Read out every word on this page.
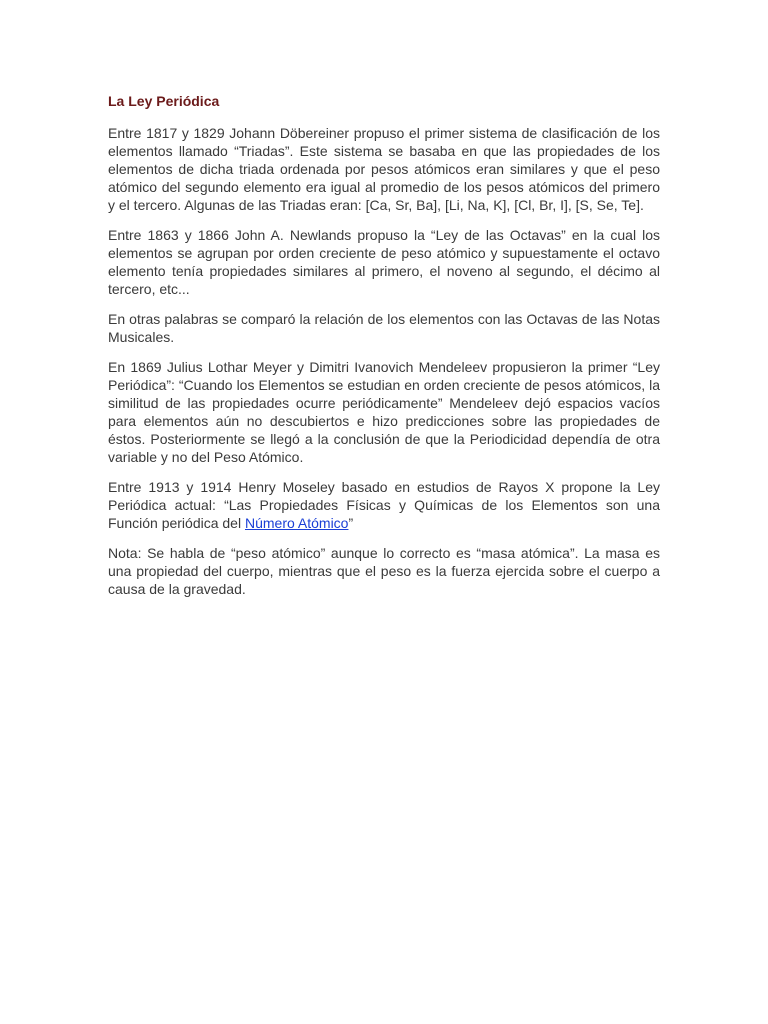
La Ley Periódica

Entre 1817 y 1829 Johann Döbereiner propuso el primer sistema de clasificación de los elementos llamado “Triadas”. Este sistema se basaba en que las propiedades de los elementos de dicha triada ordenada por pesos atómicos eran similares y que el peso atómico del segundo elemento era igual al promedio de los pesos atómicos del primero y el tercero. Algunas de las Triadas eran: [Ca, Sr, Ba], [Li, Na, K], [Cl, Br, I], [S, Se, Te].

Entre 1863 y 1866 John A. Newlands propuso la “Ley de las Octavas” en la cual los elementos se agrupan por orden creciente de peso atómico y supuestamente el octavo elemento tenía propiedades similares al primero, el noveno al segundo, el décimo al tercero, etc...

En otras palabras se comparó la relación de los elementos con las Octavas de las Notas Musicales.

En 1869 Julius Lothar Meyer y Dimitri Ivanovich Mendeleev propusieron la primer “Ley Periódica”: “Cuando los Elementos se estudian en orden creciente de pesos atómicos, la similitud de las propiedades ocurre periódicamente” Mendeleev dejó espacios vacíos para elementos aún no descubiertos e hizo predicciones sobre las propiedades de éstos. Posteriormente se llegó a la conclusión de que la Periodicidad dependía de otra variable y no del Peso Atómico.

Entre 1913 y 1914 Henry Moseley basado en estudios de Rayos X propone la Ley Periódica actual: “Las Propiedades Físicas y Químicas de los Elementos son una Función periódica del Número Atómico”

Nota: Se habla de “peso atómico” aunque lo correcto es “masa atómica”. La masa es una propiedad del cuerpo, mientras que el peso es la fuerza ejercida sobre el cuerpo a causa de la gravedad.
